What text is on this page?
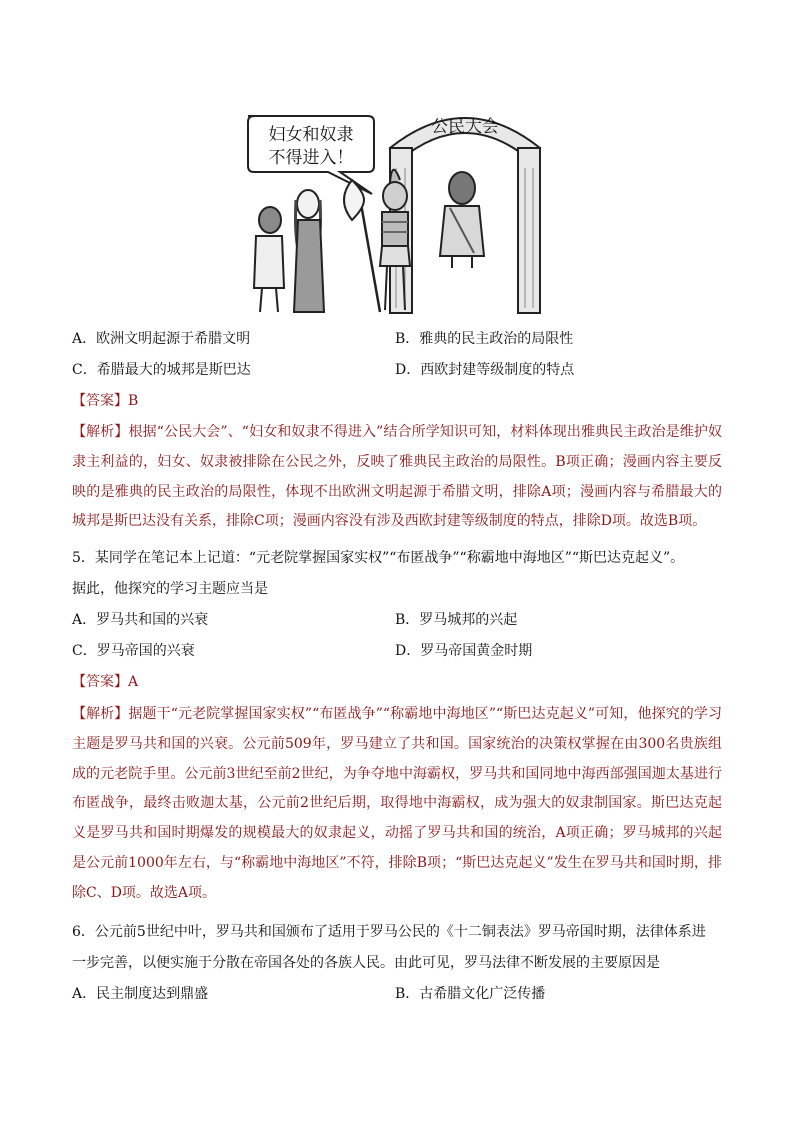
公民大会
妇女和奴隶
不得进入！
A．欧洲文明起源于希腊文明	B．雅典的民主政治的局限性
C．希腊最大的城邦是斯巴达	D．西欧封建等级制度的特点
【答案】B
【解析】根据“公民大会”、“妇女和奴隶不得进入”结合所学知识可知，材料体现出雅典民主政治是维护奴隶主利益的，妇女、奴隶被排除在公民之外，反映了雅典民主政治的局限性。B项正确；漫画内容主要反映的是雅典的民主政治的局限性，体现不出欧洲文明起源于希腊文明，排除A项；漫画内容与希腊最大的城邦是斯巴达没有关系，排除C项；漫画内容没有涉及西欧封建等级制度的特点，排除D项。故选B项。
5．某同学在笔记本上记道：“元老院掌握国家实权”“布匿战争”“称霸地中海地区”“斯巴达克起义”。
据此，他探究的学习主题应当是
A．罗马共和国的兴衰	B．罗马城邦的兴起
C．罗马帝国的兴衰	D．罗马帝国黄金时期
【答案】A
【解析】据题干“元老院掌握国家实权”“布匿战争”“称霸地中海地区”“斯巴达克起义”可知，他探究的学习主题是罗马共和国的兴衰。公元前509年，罗马建立了共和国。国家统治的决策权掌握在由300名贵族组成的元老院手里。公元前3世纪至前2世纪，为争夺地中海霸权，罗马共和国同地中海西部强国迦太基进行布匿战争，最终击败迦太基，公元前2世纪后期，取得地中海霸权，成为强大的奴隶制国家。斯巴达克起义是罗马共和国时期爆发的规模最大的奴隶起义，动摇了罗马共和国的统治，A项正确；罗马城邦的兴起是公元前1000年左右，与“称霸地中海地区”不符，排除B项；“斯巴达克起义”发生在罗马共和国时期，排除C、D项。故选A项。
6．公元前5世纪中叶，罗马共和国颁布了适用于罗马公民的《十二铜表法》罗马帝国时期，法律体系进
一步完善，以便实施于分散在帝国各处的各族人民。由此可见，罗马法律不断发展的主要原因是
A．民主制度达到鼎盛	B．古希腊文化广泛传播
